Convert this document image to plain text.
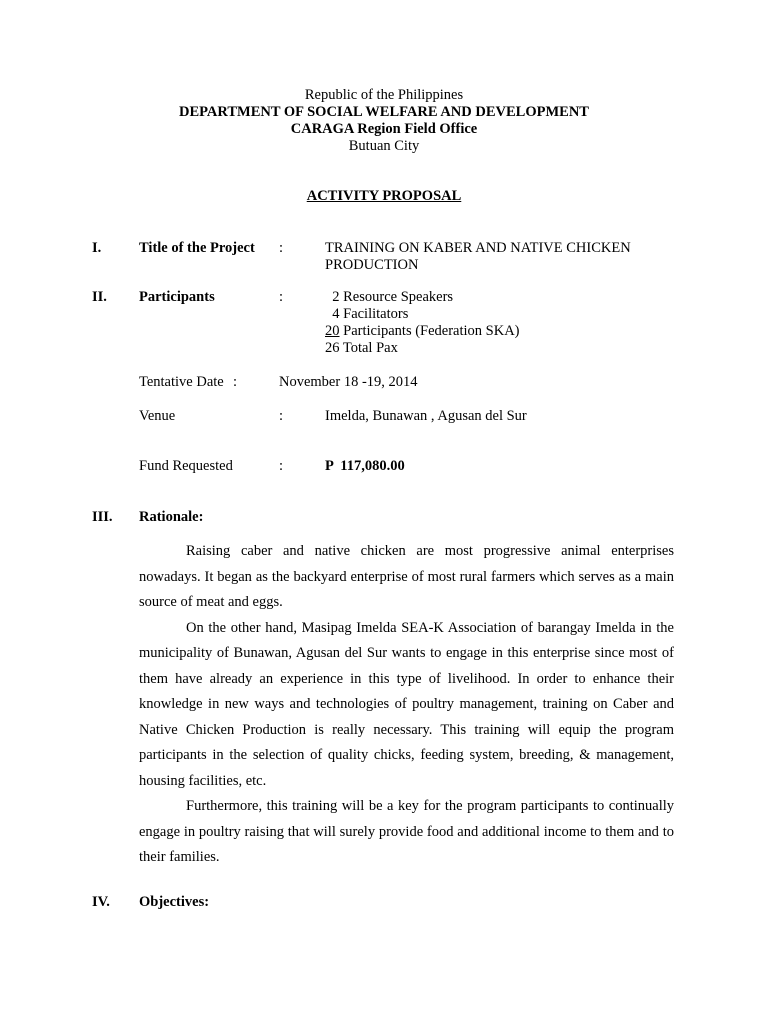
Republic of the Philippines
DEPARTMENT OF SOCIAL WELFARE AND DEVELOPMENT
CARAGA Region Field Office
Butuan City
ACTIVITY PROPOSAL
I.	Title of the Project :	TRAINING ON KABER AND NATIVE CHICKEN
PRODUCTION
II. Participants	:	2 Resource Speakers
4 Facilitators
20 Participants (Federation SKA)
26 Total Pax
Tentative Date :	November 18 -19, 2014
Venue	:	Imelda, Bunawan , Agusan del Sur
Fund Requested	:	P  117,080.00
III. Rationale:

Raising caber and native chicken are most progressive animal enterprises nowadays. It began as the backyard enterprise of most rural farmers which serves as a main source of meat and eggs.

On the other hand, Masipag Imelda SEA-K Association of barangay Imelda in the municipality of Bunawan, Agusan del Sur wants to engage in this enterprise since most of them have already an experience in this type of livelihood. In order to enhance their knowledge in new ways and technologies of poultry management, training on Caber and Native Chicken Production is really necessary. This training will equip the program participants in the selection of quality chicks, feeding system, breeding, & management, housing facilities, etc.

Furthermore, this training will be a key for the program participants to continually engage in poultry raising that will surely provide food and additional income to them and to their families.

IV. Objectives:
